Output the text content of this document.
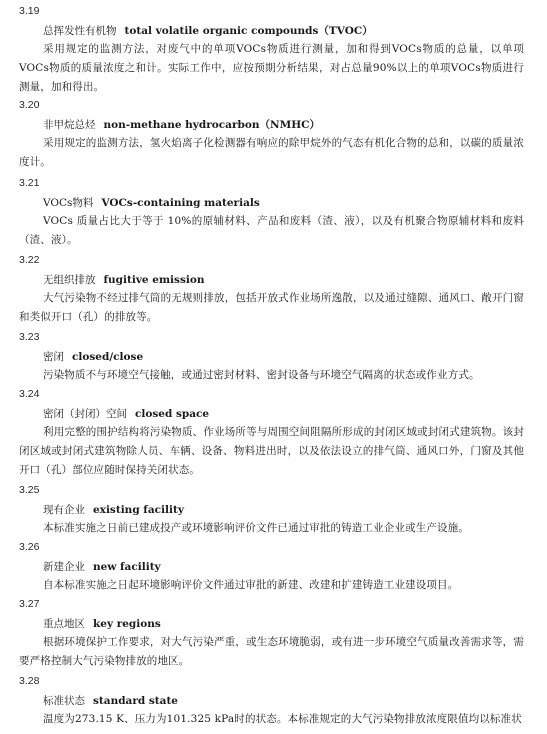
3.19
总挥发性有机物 total volatile organic compounds（TVOC）
采用规定的监测方法，对废气中的单项VOCs物质进行测量，加和得到VOCs物质的总量，以单项VOCs物质的质量浓度之和计。实际工作中，应按预期分析结果，对占总量90%以上的单项VOCs物质进行测量，加和得出。
3.20
非甲烷总烃 non-methane hydrocarbon（NMHC）
采用规定的监测方法，氢火焰离子化检测器有响应的除甲烷外的气态有机化合物的总和，以碳的质量浓度计。
3.21
VOCs物料 VOCs-containing materials
VOCs 质量占比大于等于 10%的原辅材料、产品和废料（渣、液），以及有机聚合物原辅材料和废料（渣、液）。
3.22
无组织排放 fugitive emission
大气污染物不经过排气筒的无规则排放，包括开放式作业场所逸散，以及通过缝隙、通风口、敞开门窗和类似开口（孔）的排放等。
3.23
密闭 closed/close
污染物质不与环境空气接触，或通过密封材料、密封设备与环境空气隔离的状态或作业方式。
3.24
密闭（封闭）空间 closed space
利用完整的围护结构将污染物质、作业场所等与周围空间阻隔所形成的封闭区域或封闭式建筑物。该封闭区域或封闭式建筑物除人员、车辆、设备、物料进出时，以及依法设立的排气筒、通风口外，门窗及其他开口（孔）部位应随时保持关闭状态。
3.25
现有企业 existing facility
本标准实施之日前已建成投产或环境影响评价文件已通过审批的铸造工业企业或生产设施。
3.26
新建企业 new facility
自本标准实施之日起环境影响评价文件通过审批的新建、改建和扩建铸造工业建设项目。
3.27
重点地区 key regions
根据环境保护工作要求，对大气污染严重，或生态环境脆弱，或有进一步环境空气质量改善需求等，需要严格控制大气污染物排放的地区。
3.28
标准状态 standard state
温度为273.15 K、压力为101.325 kPa时的状态。本标准规定的大气污染物排放浓度限值均以标准状
